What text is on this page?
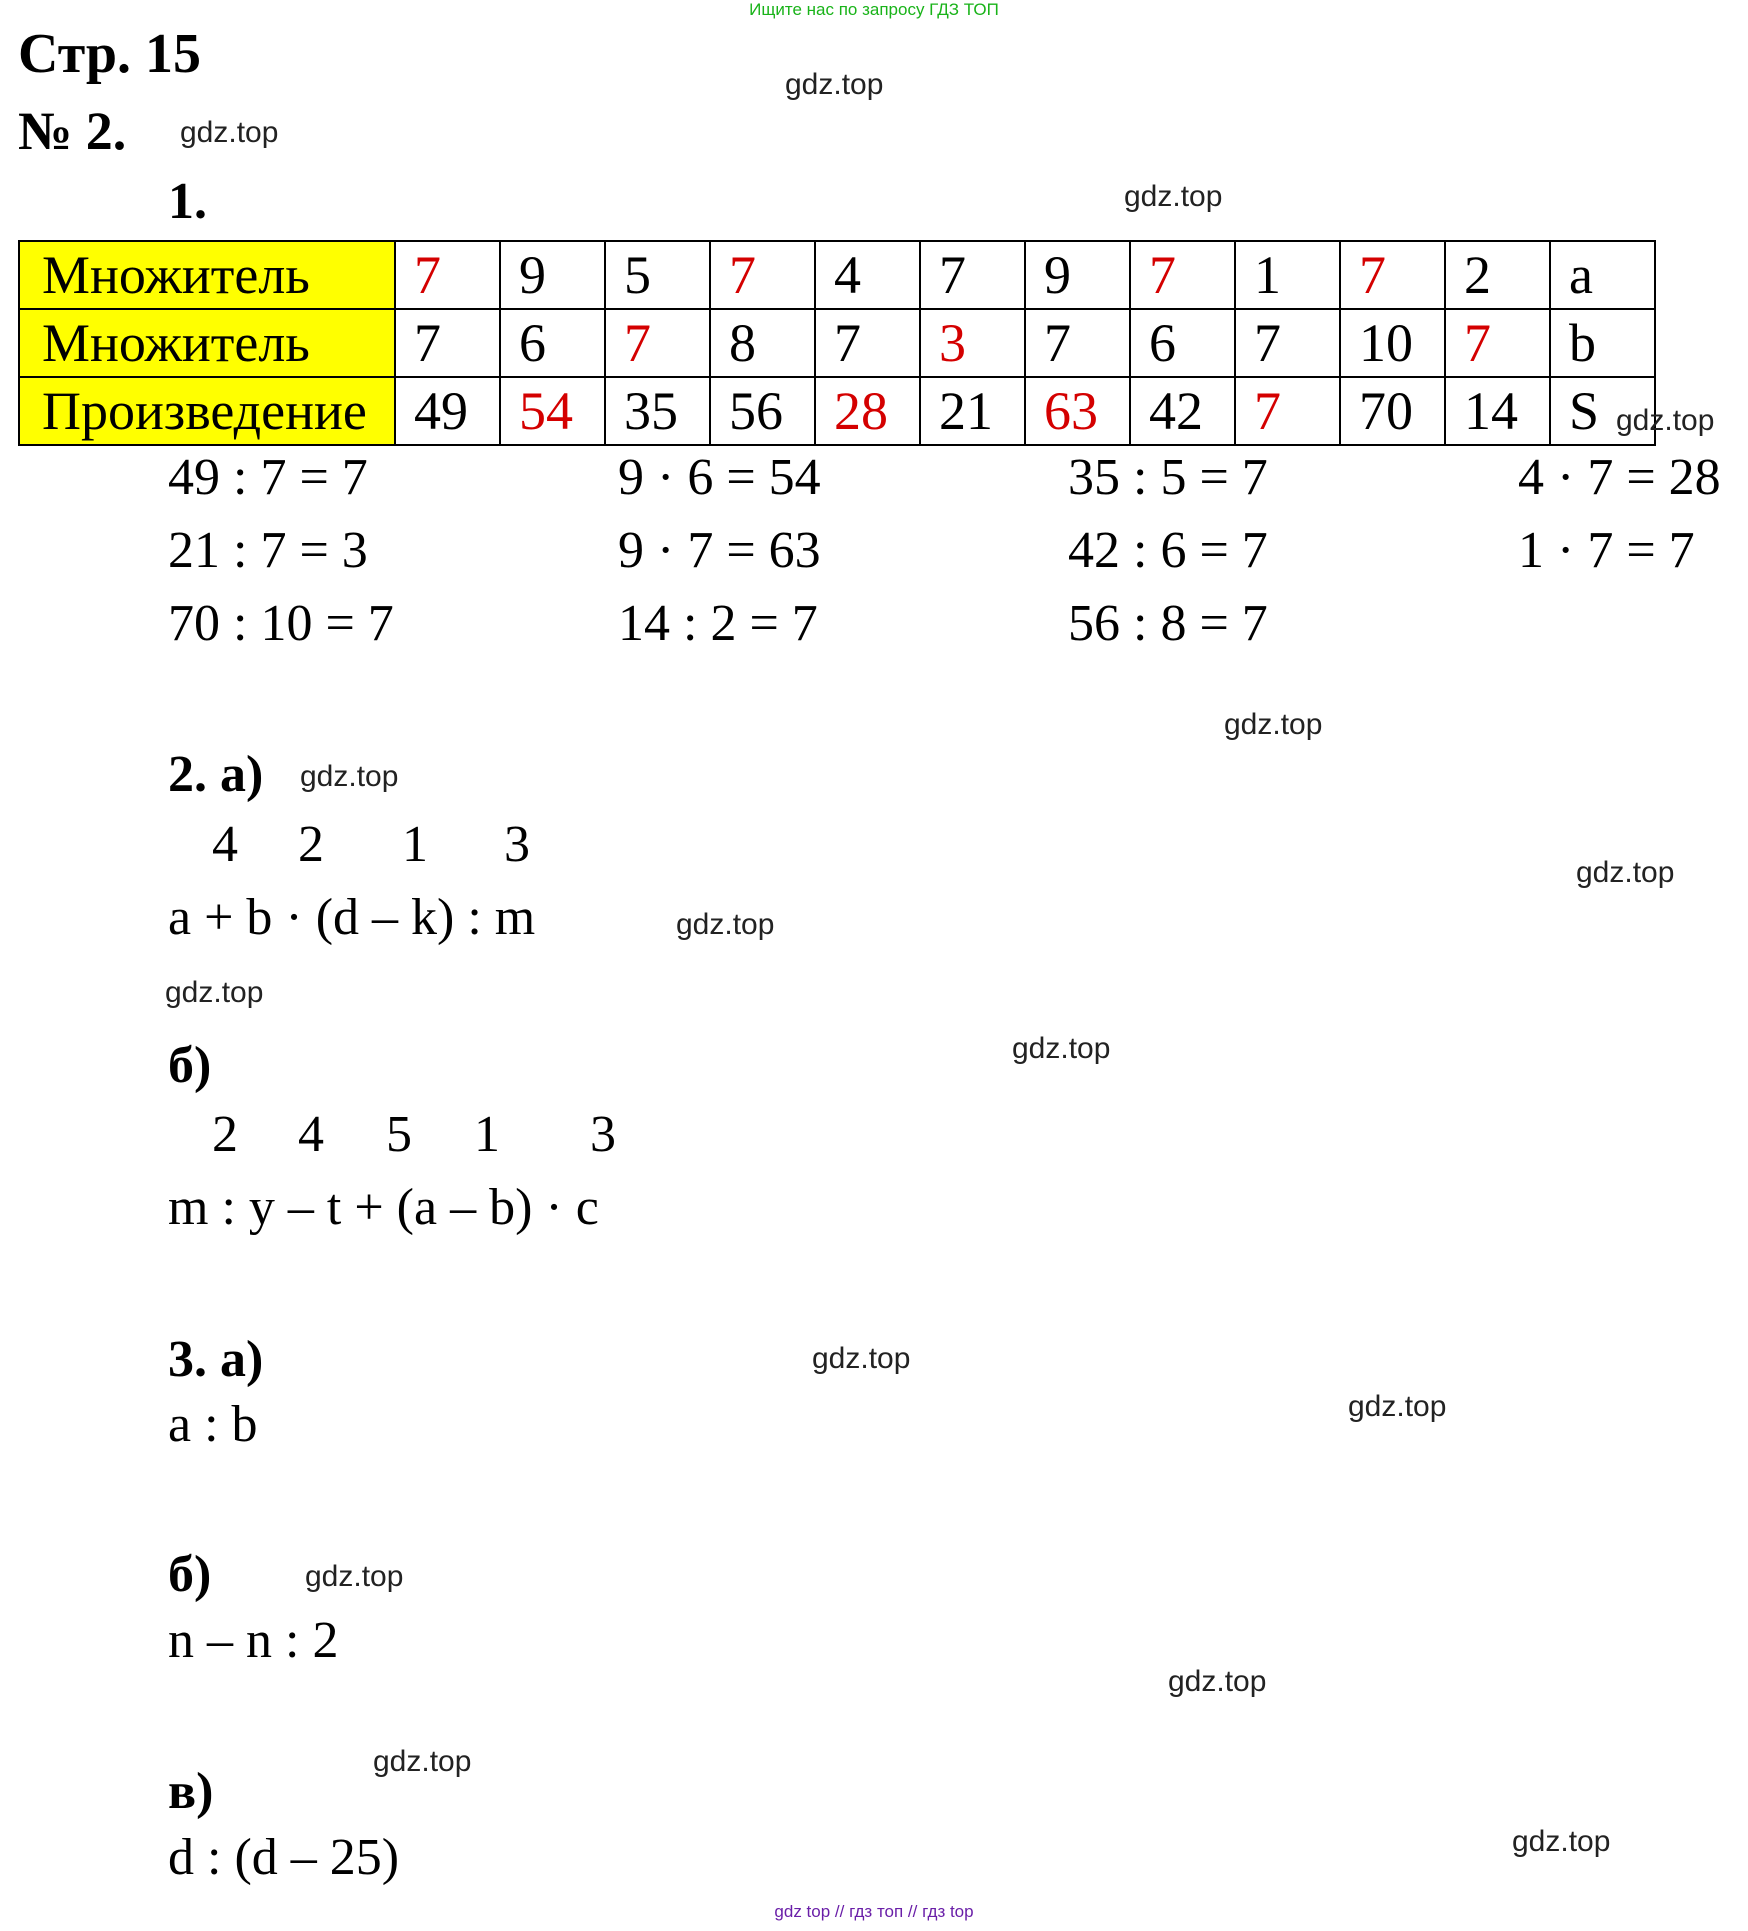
Ищите нас по запросу ГДЗ ТОП
gdz top // гдз топ // гдз top
Стр. 15
№ 2.
1.
Множитель	7	9	5	7	4	7	9	7	1	7	2	a
Множитель	7	6	7	8	7	3	7	6	7	10	7	b
Произведение	49	54	35	56	28	21	63	42	7	70	14	S
49 : 7 = 7	9 · 6 = 54	35 : 5 = 7	4 · 7 = 28
21 : 7 = 3	9 · 7 = 63	42 : 6 = 7	1 · 7 = 7
70 : 10 = 7	14 : 2 = 7	56 : 8 = 7
2. а)
4 2 1 3
a + b · (d – k) : m
б)
2 4 5 1 3
m : y – t + (a – b) · c
3. а)
a : b
б)
n – n : 2
в)
d : (d – 25)
gdz.top
gdz.top
gdz.top
gdz.top
gdz.top
gdz.top
gdz.top
gdz.top
gdz.top
gdz.top
gdz.top
gdz.top
gdz.top
gdz.top
gdz.top
gdz.top
